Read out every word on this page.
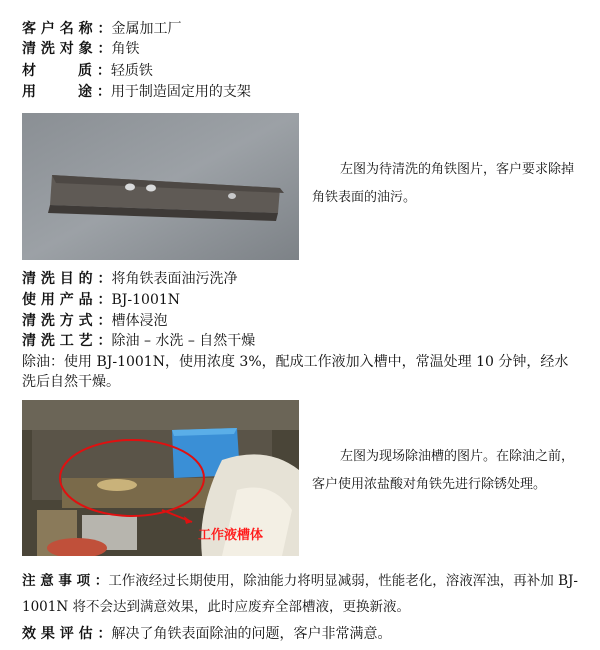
客 户 名 称 ：金属加工厂
清 洗 对 象 ：角铁
材　　　质 ：轻质铁
用　　　途 ：用于制造固定用的支架
左图为待清洗的角铁图片，客户要求除掉角铁表面的油污。
清 洗 目 的 ：将角铁表面油污洗净
使 用 产 品 ：BJ-1001N
清 洗 方 式 ：槽体浸泡
清 洗 工 艺 ：除油 – 水洗 – 自然干燥
除油：使用 BJ-1001N，使用浓度 3%，配成工作液加入槽中，常温处理 10 分钟，经水洗后自然干燥。
工作液槽体
左图为现场除油槽的图片。在除油之前，客户使用浓盐酸对角铁先进行除锈处理。
注 意 事 项 ：工作液经过长期使用，除油能力将明显减弱，性能老化，溶液浑浊，再补加 BJ-1001N 将不会达到满意效果，此时应废弃全部槽液，更换新液。
效 果 评 估 ：解决了角铁表面除油的问题，客户非常满意。
